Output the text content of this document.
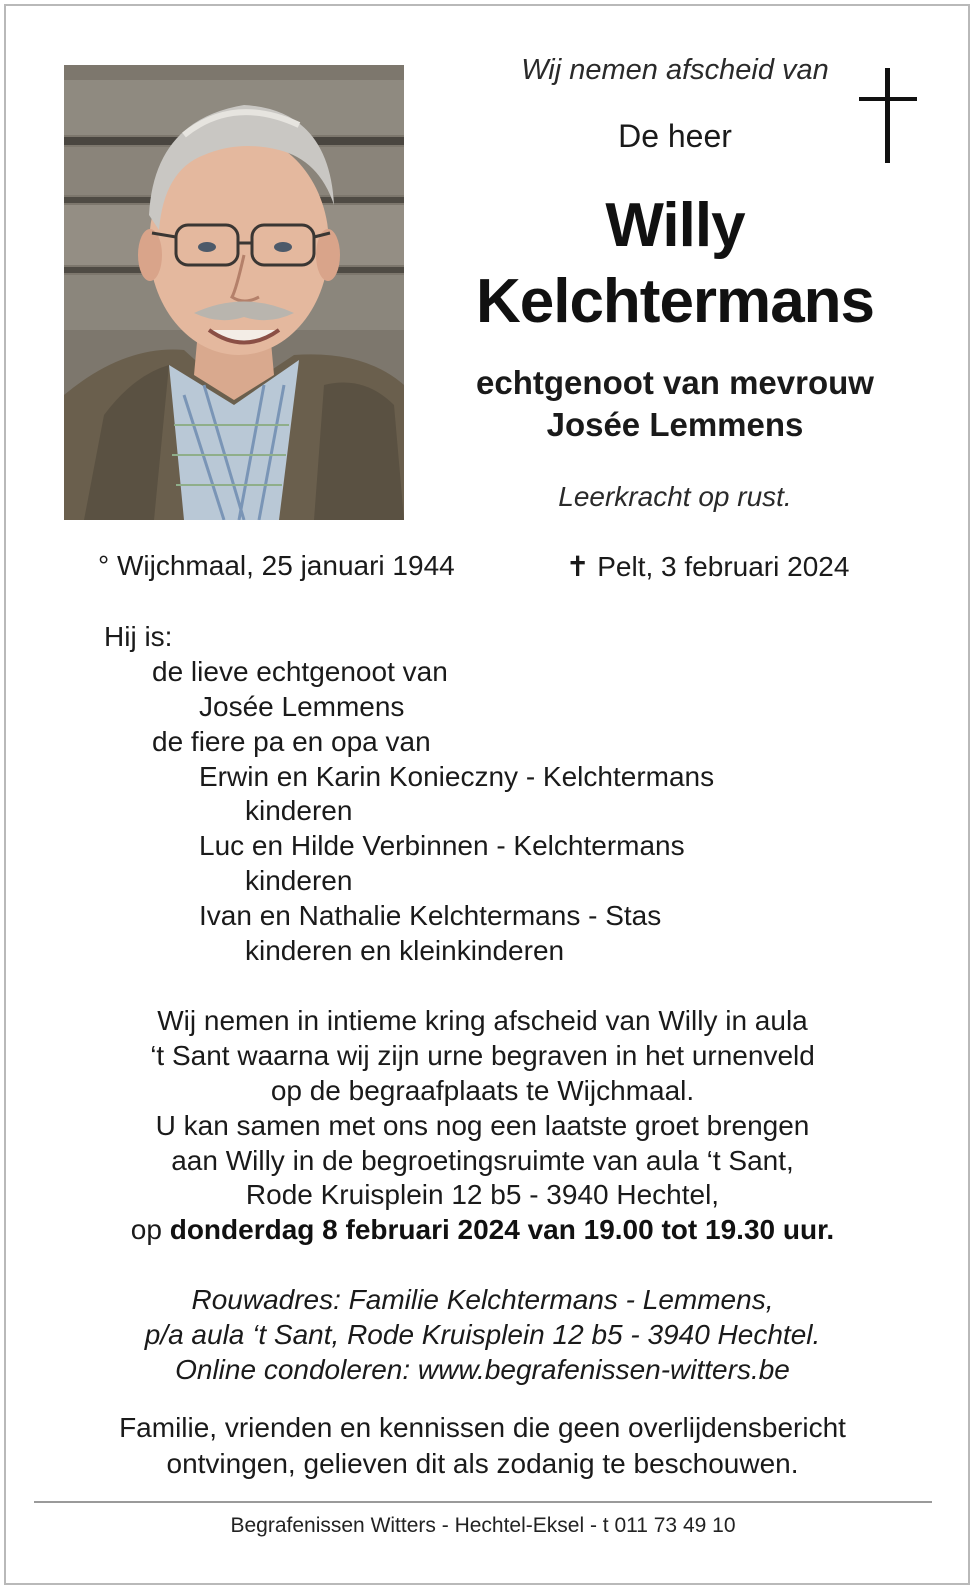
Wij nemen afscheid van
De heer
Willy
Kelchtermans
echtgenoot van mevrouw
Josée Lemmens
Leerkracht op rust.
° Wijchmaal, 25 januari 1944	✝ Pelt, 3 februari 2024
Hij is:
de lieve echtgenoot van
Josée Lemmens
de fiere pa en opa van
Erwin en Karin Konieczny - Kelchtermans
kinderen
Luc en Hilde Verbinnen - Kelchtermans
kinderen
Ivan en Nathalie Kelchtermans - Stas
kinderen en kleinkinderen
Wij nemen in intieme kring afscheid van Willy in aula
‘t Sant waarna wij zijn urne begraven in het urnenveld
op de begraafplaats te Wijchmaal.
U kan samen met ons nog een laatste groet brengen
aan Willy in de begroetingsruimte van aula ‘t Sant,
Rode Kruisplein 12 b5 - 3940 Hechtel,
op donderdag 8 februari 2024 van 19.00 tot 19.30 uur.
Rouwadres: Familie Kelchtermans - Lemmens,
p/a aula ‘t Sant, Rode Kruisplein 12 b5 - 3940 Hechtel.
Online condoleren: www.begrafenissen-witters.be
Familie, vrienden en kennissen die geen overlijdensbericht
ontvingen, gelieven dit als zodanig te beschouwen.
Begrafenissen Witters - Hechtel-Eksel - t 011 73 49 10
